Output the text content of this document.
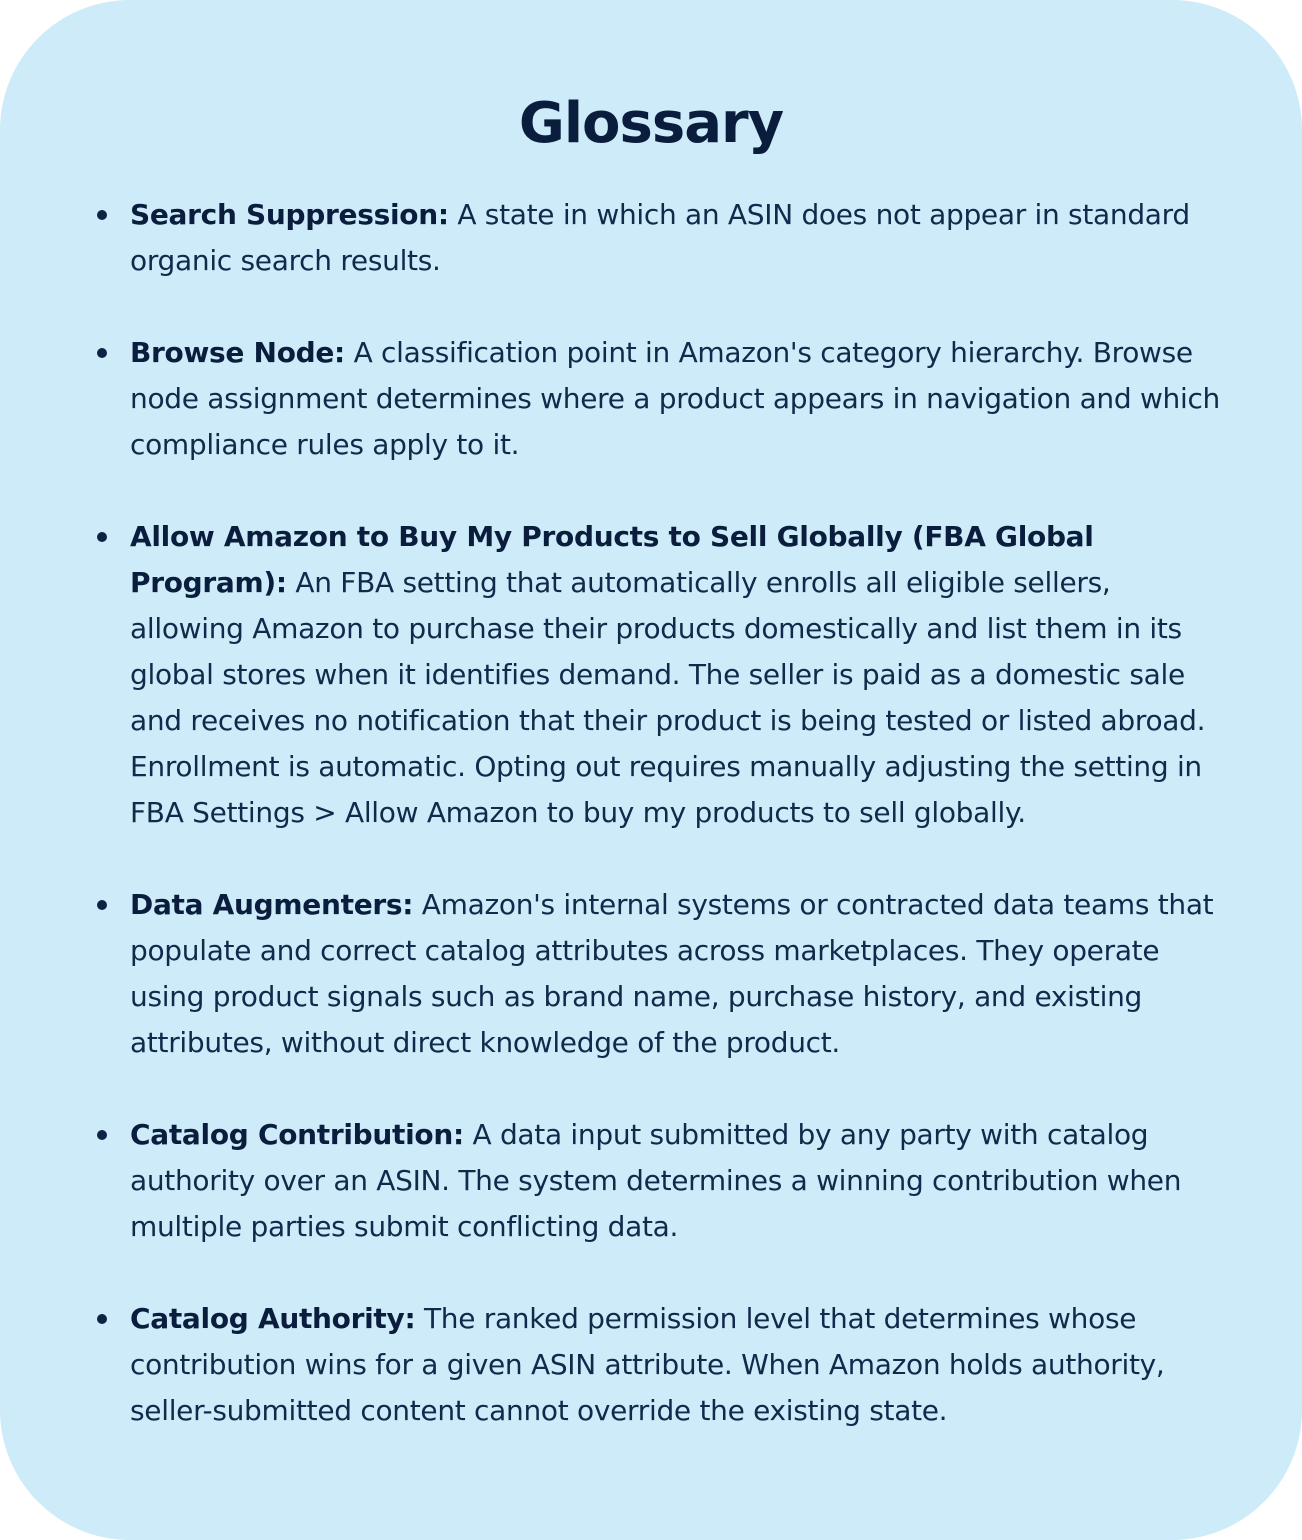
Glossary
Search Suppression: A state in which an ASIN does not appear in standard organic search results.
Browse Node: A classification point in Amazon's category hierarchy. Browse node assignment determines where a product appears in navigation and which compliance rules apply to it.
Allow Amazon to Buy My Products to Sell Globally (FBA Global Program): An FBA setting that automatically enrolls all eligible sellers, allowing Amazon to purchase their products domestically and list them in its global stores when it identifies demand. The seller is paid as a domestic sale and receives no notification that their product is being tested or listed abroad. Enrollment is automatic. Opting out requires manually adjusting the setting in FBA Settings > Allow Amazon to buy my products to sell globally.
Data Augmenters: Amazon's internal systems or contracted data teams that populate and correct catalog attributes across marketplaces. They operate using product signals such as brand name, purchase history, and existing attributes, without direct knowledge of the product.
Catalog Contribution: A data input submitted by any party with catalog authority over an ASIN. The system determines a winning contribution when multiple parties submit conflicting data.
Catalog Authority: The ranked permission level that determines whose contribution wins for a given ASIN attribute. When Amazon holds authority, seller-submitted content cannot override the existing state.
